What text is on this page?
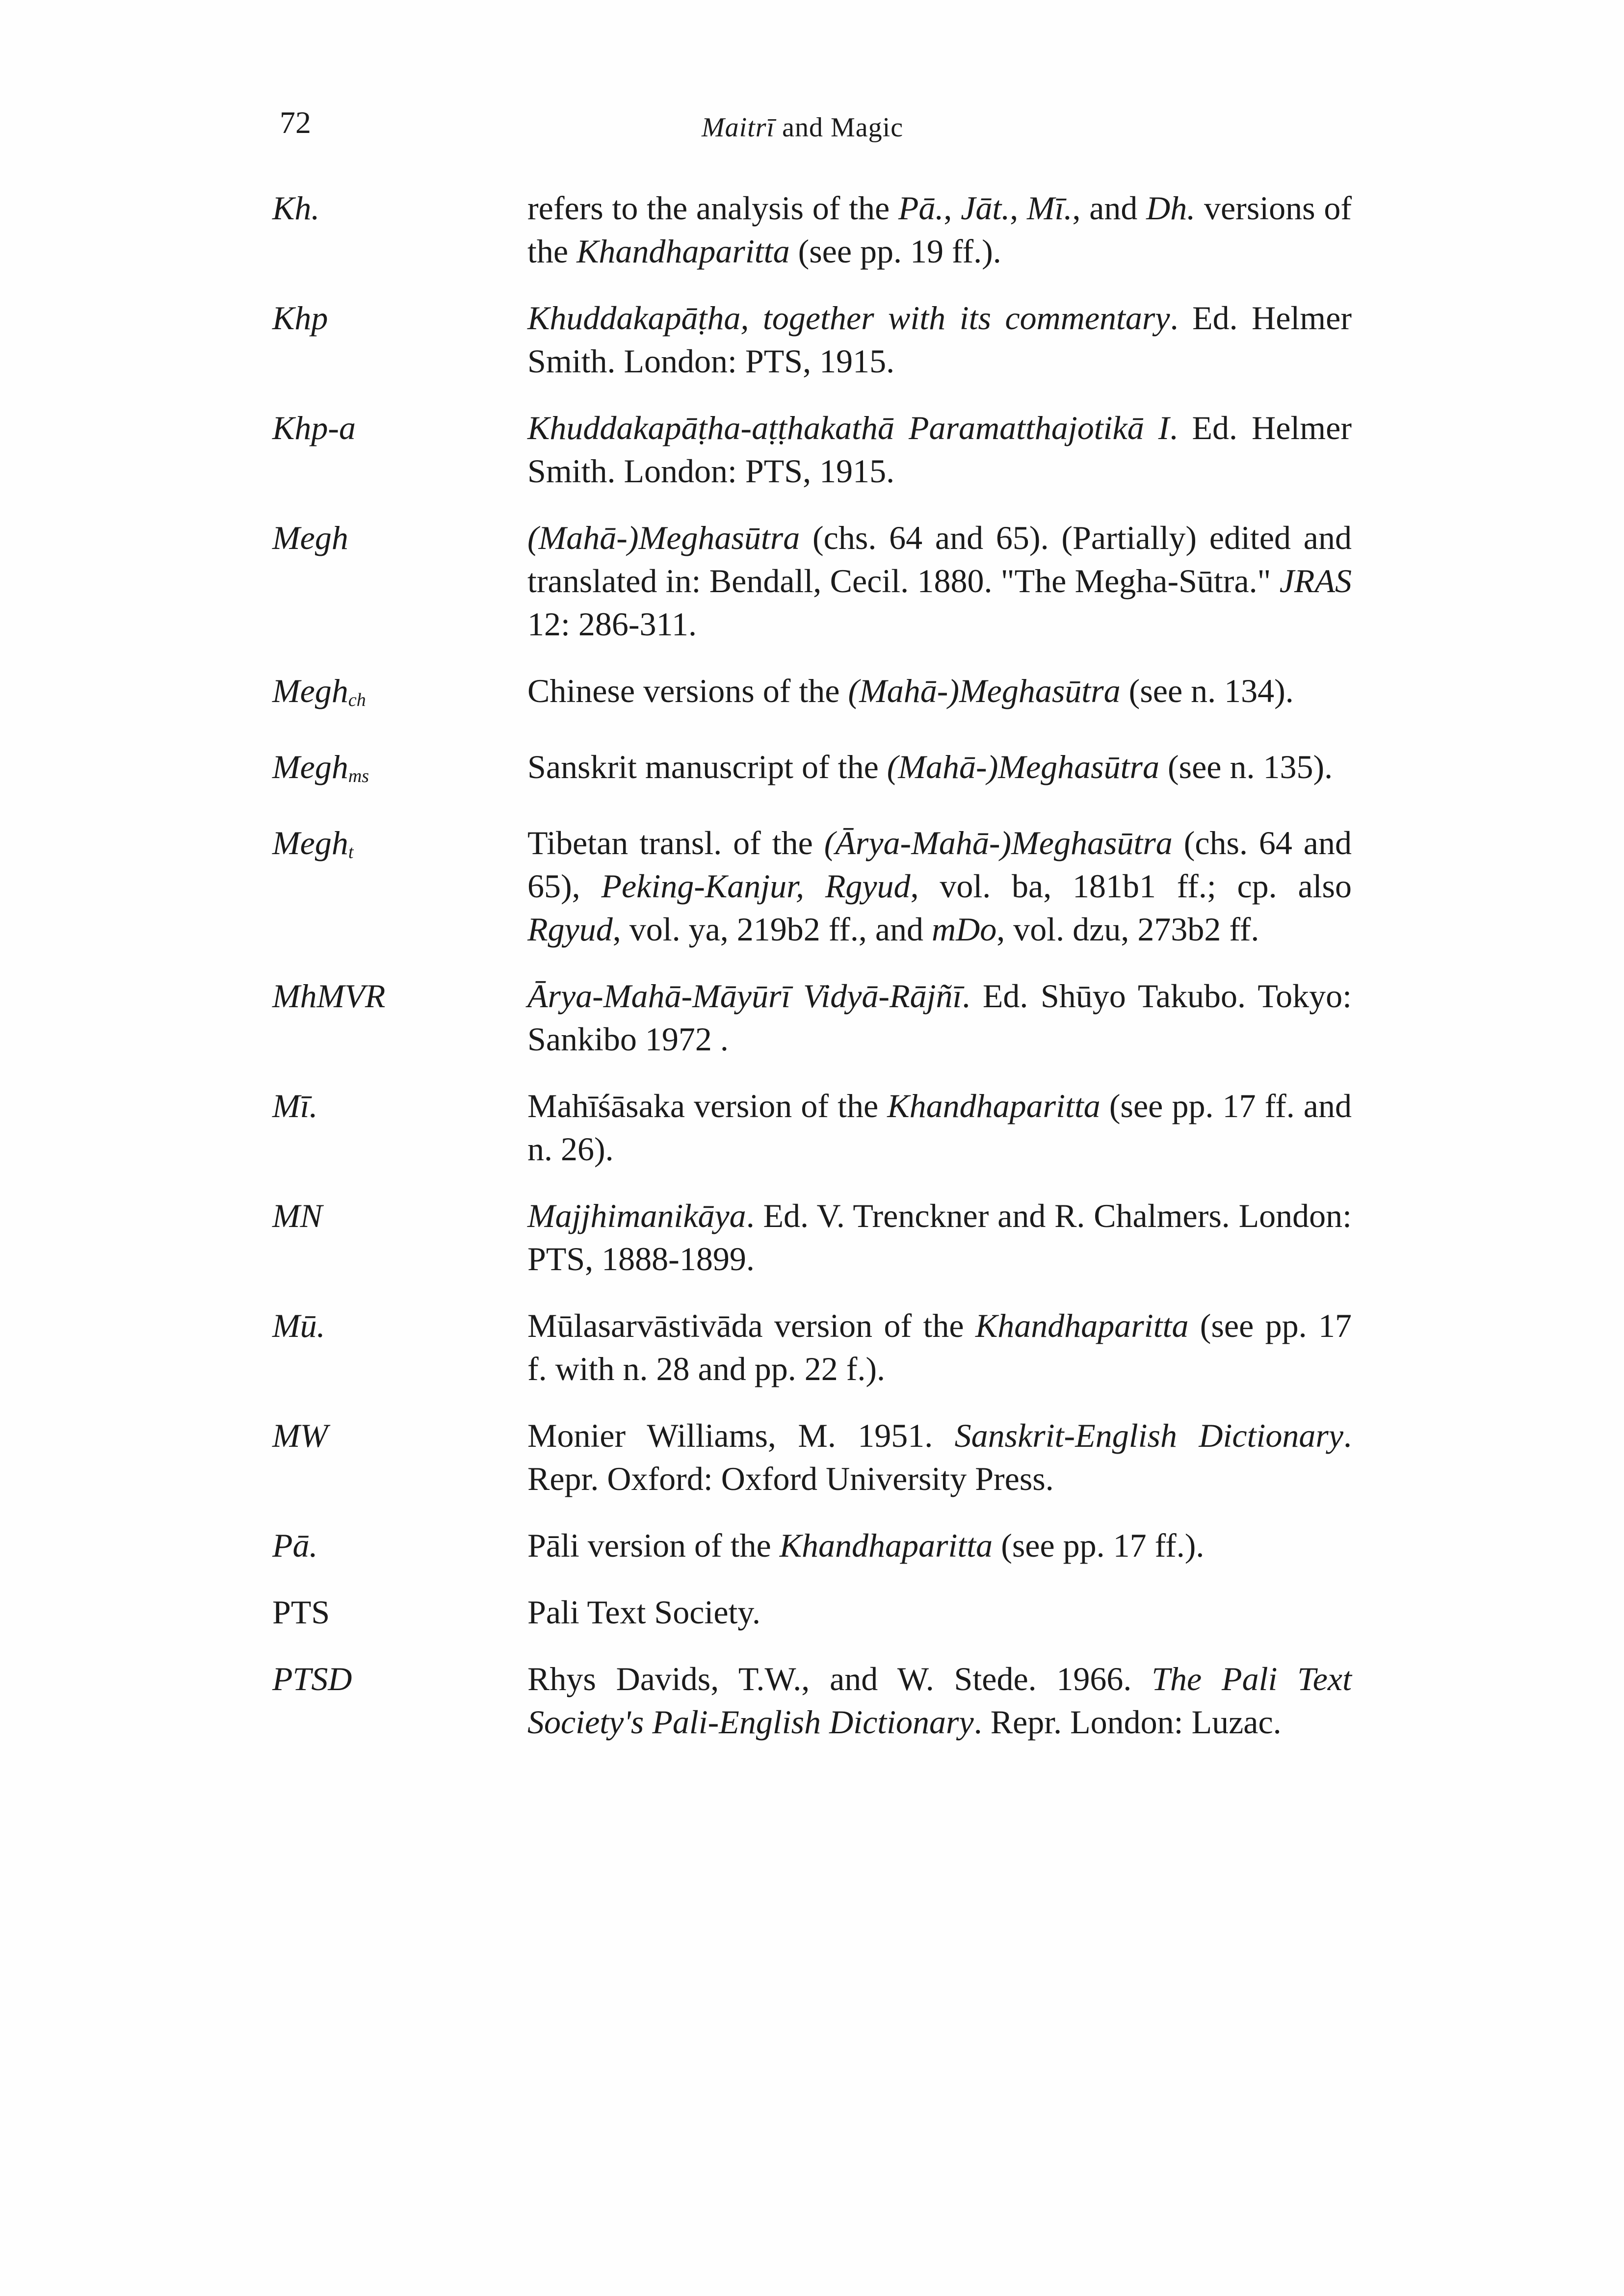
72	Maitrī and Magic
Kh.	refers to the analysis of the Pā., Jāt., Mī., and Dh. versions of the Khandhaparitta (see pp. 19 ff.).
Khp	Khuddakapāṭha, together with its commentary. Ed. Helmer Smith. London: PTS, 1915.
Khp-a	Khuddakapāṭha-aṭṭhakathā Paramatthajotikā I. Ed. Helmer Smith. London: PTS, 1915.
Megh	(Mahā-)Meghasūtra (chs. 64 and 65). (Partially) edited and translated in: Bendall, Cecil. 1880. "The Megha-Sūtra." JRAS 12: 286-311.
Megh$_{ch}$	Chinese versions of the (Mahā-)Meghasūtra (see n. 134).
Megh$_{ms}$	Sanskrit manuscript of the (Mahā-)Meghasūtra (see n. 135).
Megh$_t$	Tibetan transl. of the (Ārya-Mahā-)Meghasūtra (chs. 64 and 65), Peking-Kanjur, Rgyud, vol. ba, 181b1 ff.; cp. also Rgyud, vol. ya, 219b2 ff., and mDo, vol. dzu, 273b2 ff.
MhMVR	Ārya-Mahā-Māyūrī Vidyā-Rājñī. Ed. Shūyo Takubo. Tokyo: Sankibo 1972 .
Mī.	Mahīśāsaka version of the Khandhaparitta (see pp. 17 ff. and n. 26).
MN	Majjhimanikāya. Ed. V. Trenckner and R. Chalmers. London: PTS, 1888-1899.
Mū.	Mūlasarvāstivāda version of the Khandhaparitta (see pp. 17 f. with n. 28 and pp. 22 f.).
MW	Monier Williams, M. 1951. Sanskrit-English Dictionary. Repr. Oxford: Oxford University Press.
Pā.	Pāli version of the Khandhaparitta (see pp. 17 ff.).
PTS	Pali Text Society.
PTSD	Rhys Davids, T.W., and W. Stede. 1966. The Pali Text Society's Pali-English Dictionary. Repr. London: Luzac.
